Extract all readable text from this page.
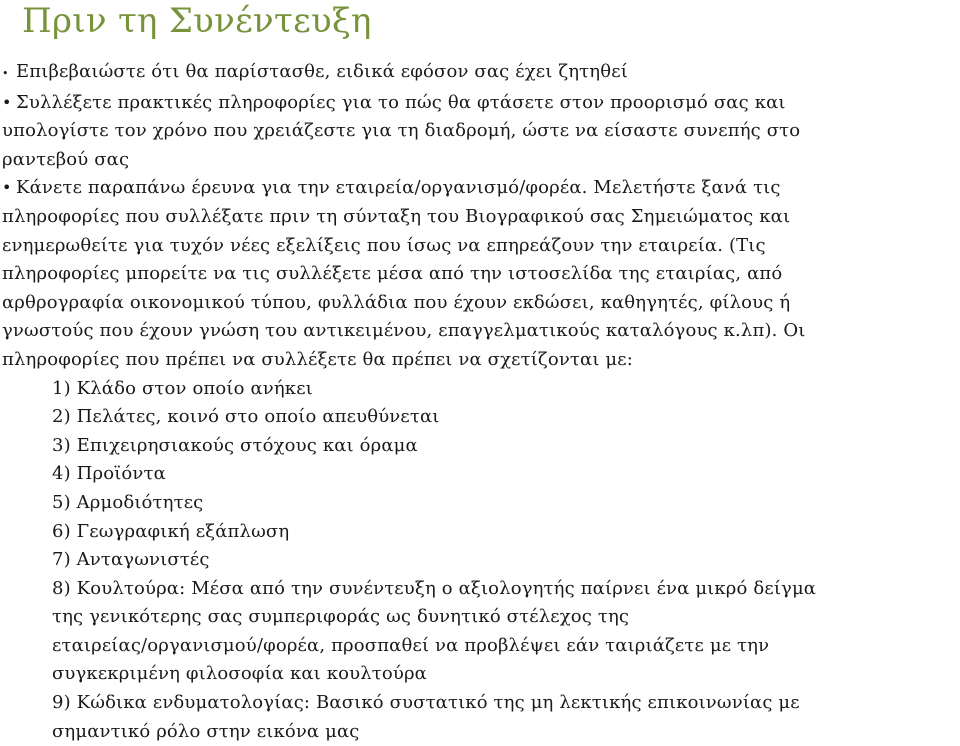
Πριν τη Συνέντευξη

• Επιβεβαιώστε ότι θα παρίστασθε, ειδικά εφόσον σας έχει ζητηθεί

• Συλλέξετε πρακτικές πληροφορίες για το πώς θα φτάσετε στον προορισμό σας και

υπολογίστε τον χρόνο που χρειάζεστε για τη διαδρομή, ώστε να είσαστε συνεπής στο

ραντεβού σας

• Κάνετε παραπάνω έρευνα για την εταιρεία/οργανισμό/φορέα. Μελετήστε ξανά τις

πληροφορίες που συλλέξατε πριν τη σύνταξη του Βιογραφικού σας Σημειώματος και

ενημερωθείτε για τυχόν νέες εξελίξεις που ίσως να επηρεάζουν την εταιρεία. (Τις

πληροφορίες μπορείτε να τις συλλέξετε μέσα από την ιστοσελίδα της εταιρίας, από

αρθρογραφία οικονομικού τύπου, φυλλάδια που έχουν εκδώσει, καθηγητές, φίλους ή

γνωστούς που έχουν γνώση του αντικειμένου, επαγγελματικούς καταλόγους κ.λπ). Οι

πληροφορίες που πρέπει να συλλέξετε θα πρέπει να σχετίζονται με:

1) Κλάδο στον οποίο ανήκει
2) Πελάτες, κοινό στο οποίο απευθύνεται
3) Επιχειρησιακούς στόχους και όραμα
4) Προϊόντα
5) Αρμοδιότητες
6) Γεωγραφική εξάπλωση
7) Ανταγωνιστές
8) Κουλτούρα: Μέσα από την συνέντευξη ο αξιολογητής παίρνει ένα μικρό δείγμα
της γενικότερης σας συμπεριφοράς ως δυνητικό στέλεχος της
εταιρείας/οργανισμού/φορέα, προσπαθεί να προβλέψει εάν ταιριάζετε με την
συγκεκριμένη φιλοσοφία και κουλτούρα
9) Κώδικα ενδυματολογίας: Βασικό συστατικό της μη λεκτικής επικοινωνίας με
σημαντικό ρόλο στην εικόνα μας
